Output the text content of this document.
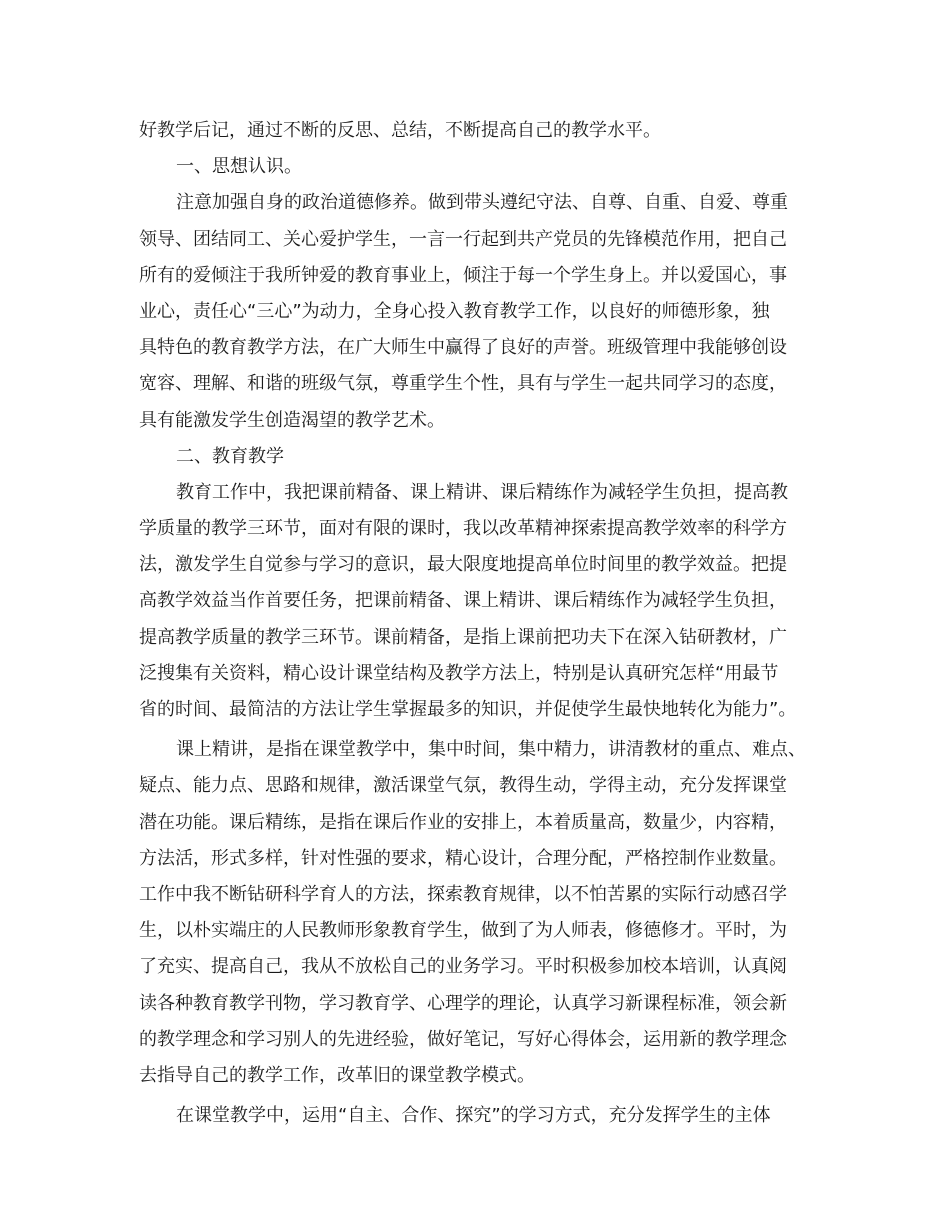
好教学后记，通过不断的反思、总结，不断提高自己的教学水平。
一、思想认识。
注意加强自身的政治道德修养。做到带头遵纪守法、自尊、自重、自爱、尊重
领导、团结同工、关心爱护学生，一言一行起到共产党员的先锋模范作用，把自己
所有的爱倾注于我所钟爱的教育事业上，倾注于每一个学生身上。并以爱国心，事
业心，责任心“三心”为动力，全身心投入教育教学工作，以良好的师德形象，独
具特色的教育教学方法，在广大师生中赢得了良好的声誉。班级管理中我能够创设
宽容、理解、和谐的班级气氛，尊重学生个性，具有与学生一起共同学习的态度，
具有能激发学生创造渴望的教学艺术。
二、教育教学
教育工作中，我把课前精备、课上精讲、课后精练作为减轻学生负担，提高教
学质量的教学三环节，面对有限的课时，我以改革精神探索提高教学效率的科学方
法，激发学生自觉参与学习的意识，最大限度地提高单位时间里的教学效益。把提
高教学效益当作首要任务，把课前精备、课上精讲、课后精练作为减轻学生负担，
提高教学质量的教学三环节。课前精备，是指上课前把功夫下在深入钻研教材，广
泛搜集有关资料，精心设计课堂结构及教学方法上，特别是认真研究怎样“用最节
省的时间、最简洁的方法让学生掌握最多的知识，并促使学生最快地转化为能力”。
课上精讲，是指在课堂教学中，集中时间，集中精力，讲清教材的重点、难点、
疑点、能力点、思路和规律，激活课堂气氛，教得生动，学得主动，充分发挥课堂
潜在功能。课后精练，是指在课后作业的安排上，本着质量高，数量少，内容精，
方法活，形式多样，针对性强的要求，精心设计，合理分配，严格控制作业数量。
工作中我不断钻研科学育人的方法，探索教育规律，以不怕苦累的实际行动感召学
生，以朴实端庄的人民教师形象教育学生，做到了为人师表，修德修才。平时，为
了充实、提高自己，我从不放松自己的业务学习。平时积极参加校本培训，认真阅
读各种教育教学刊物，学习教育学、心理学的理论，认真学习新课程标准，领会新
的教学理念和学习别人的先进经验，做好笔记，写好心得体会，运用新的教学理念
去指导自己的教学工作，改革旧的课堂教学模式。
在课堂教学中，运用“自主、合作、探究”的学习方式，充分发挥学生的主体
